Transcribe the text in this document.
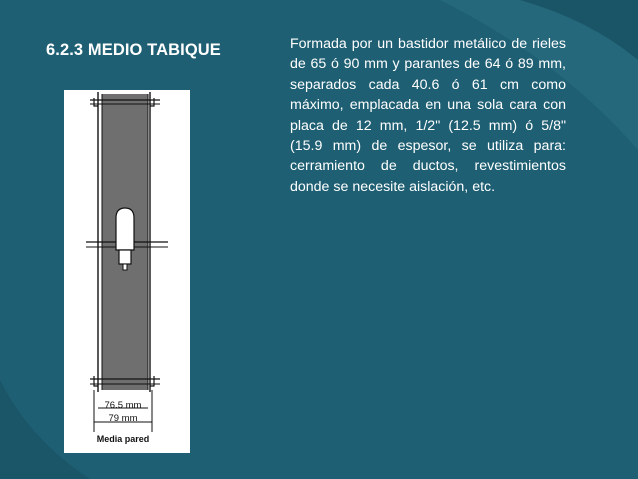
6.2.3 MEDIO TABIQUE	Formada por un bastidor metálico de rieles de 65 ó 90 mm y parantes de 64 ó 89 mm, separados cada 40.6 ó 61 cm como máximo, emplacada en una sola cara con placa de 12 mm, 1/2" (12.5 mm) ó 5/8" (15.9 mm) de espesor, se utiliza para: cerramiento de ductos, revestimientos donde se necesite aislación, etc.

76.5 mm
79 mm
Media pared
